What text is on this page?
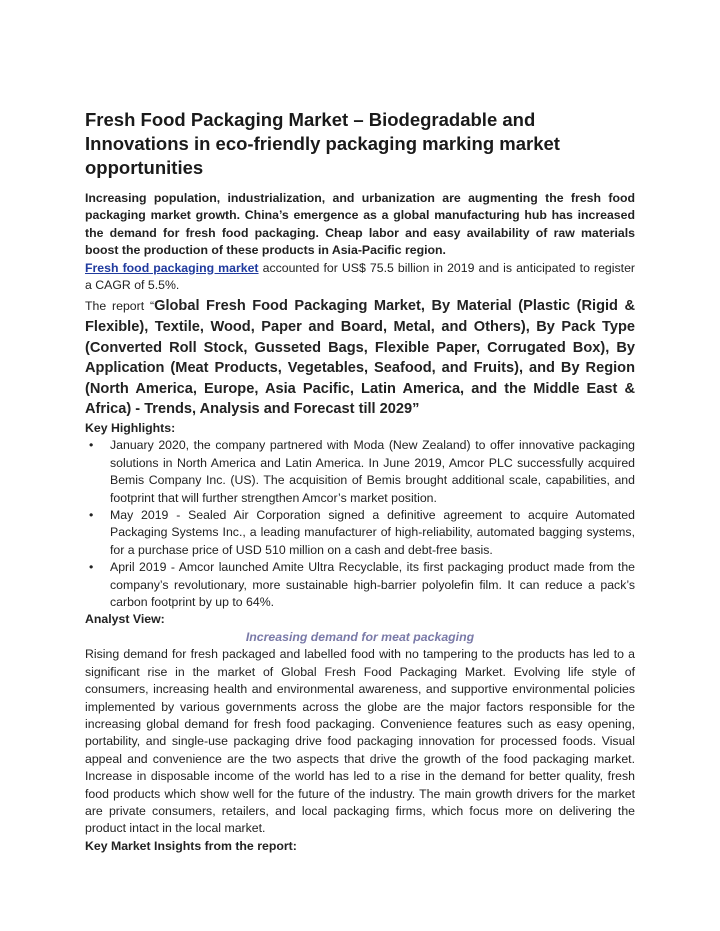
Fresh Food Packaging Market – Biodegradable and Innovations in eco-friendly packaging marking market opportunities

Increasing population, industrialization, and urbanization are augmenting the fresh food packaging market growth. China’s emergence as a global manufacturing hub has increased the demand for fresh food packaging. Cheap labor and easy availability of raw materials boost the production of these products in Asia-Pacific region.

Fresh food packaging market accounted for US$ 75.5 billion in 2019 and is anticipated to register a CAGR of 5.5%.

The report “Global Fresh Food Packaging Market, By Material (Plastic (Rigid & Flexible), Textile, Wood, Paper and Board, Metal, and Others), By Pack Type (Converted Roll Stock, Gusseted Bags, Flexible Paper, Corrugated Box), By Application (Meat Products, Vegetables, Seafood, and Fruits), and By Region (North America, Europe, Asia Pacific, Latin America, and the Middle East & Africa) - Trends, Analysis and Forecast till 2029”

Key Highlights:

• January 2020, the company partnered with Moda (New Zealand) to offer innovative packaging solutions in North America and Latin America. In June 2019, Amcor PLC successfully acquired Bemis Company Inc. (US). The acquisition of Bemis brought additional scale, capabilities, and footprint that will further strengthen Amcor’s market position.
• May 2019 - Sealed Air Corporation signed a definitive agreement to acquire Automated Packaging Systems Inc., a leading manufacturer of high-reliability, automated bagging systems, for a purchase price of USD 510 million on a cash and debt-free basis.
• April 2019 - Amcor launched Amite Ultra Recyclable, its first packaging product made from the company’s revolutionary, more sustainable high-barrier polyolefin film. It can reduce a pack’s carbon footprint by up to 64%.

Analyst View:

Increasing demand for meat packaging

Rising demand for fresh packaged and labelled food with no tampering to the products has led to a significant rise in the market of Global Fresh Food Packaging Market. Evolving life style of consumers, increasing health and environmental awareness, and supportive environmental policies implemented by various governments across the globe are the major factors responsible for the increasing global demand for fresh food packaging. Convenience features such as easy opening, portability, and single-use packaging drive food packaging innovation for processed foods. Visual appeal and convenience are the two aspects that drive the growth of the food packaging market. Increase in disposable income of the world has led to a rise in the demand for better quality, fresh food products which show well for the future of the industry. The main growth drivers for the market are private consumers, retailers, and local packaging firms, which focus more on delivering the product intact in the local market.

Key Market Insights from the report:
